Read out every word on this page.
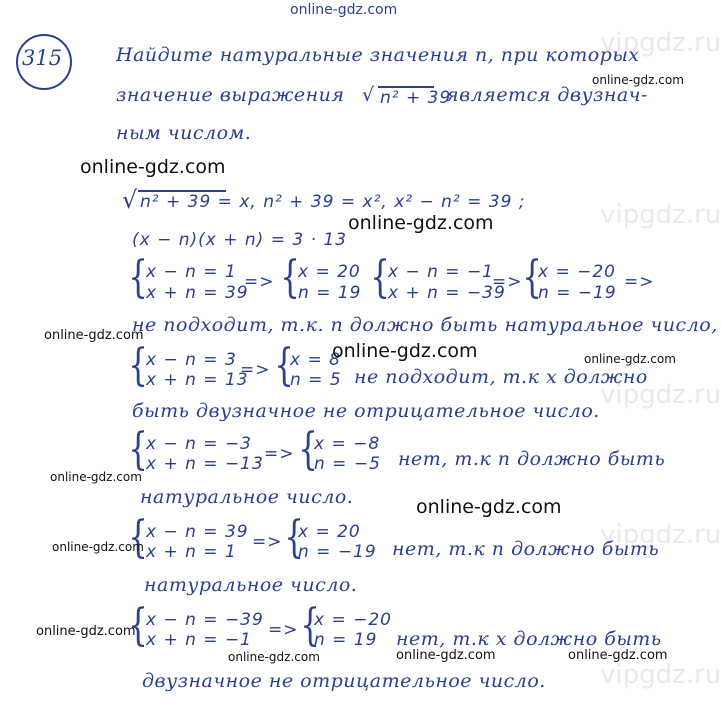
vipgdz.ru
vipgdz.ru
vipgdz.ru
vipgdz.ru
vipgdz.ru
online-gdz.com
315	Найдите натуральные значения n, при которых
значение выражения √ n² + 39
является двузнач-
ным числом.
online-gdz.com
online-gdz.com
√ n² + 39 = x, n² + 39 = x², x² − n² = 39 ;
online-gdz.com
(x − n)(x + n) = 3 · 13
{
x − n = 1
x + n = 39
=> {
x = 20
n = 19 {
x − n = −1
x + n = −39
=> {
x = −20
n = −19
=>
online-gdz.com
не подходит, т.к. n должно быть натуральное число,
{
x − n = 3
x + n = 13
=> {
x = 8
n = 5
online-gdz.com	online-gdz.com
не подходит, т.к x должно
быть двузначное не отрицательное число.
{
x − n = −3
x + n = −13 => {
x = −8
n = −5 нет, т.к n должно быть
online-gdz.com
натуральное число.	online-gdz.com
{
x − n = 39
x + n = 1 => {
x = 20
n = −19
online-gdz.com	нет, т.к n должно быть
натуральное число.
{
x − n = −39
x + n = −1 => {
x = −20
n = 19
online-gdz.com	нет, т.к x должно быть
online-gdz.com	online-gdz.com	online-gdz.com
двузначное не отрицательное число.
